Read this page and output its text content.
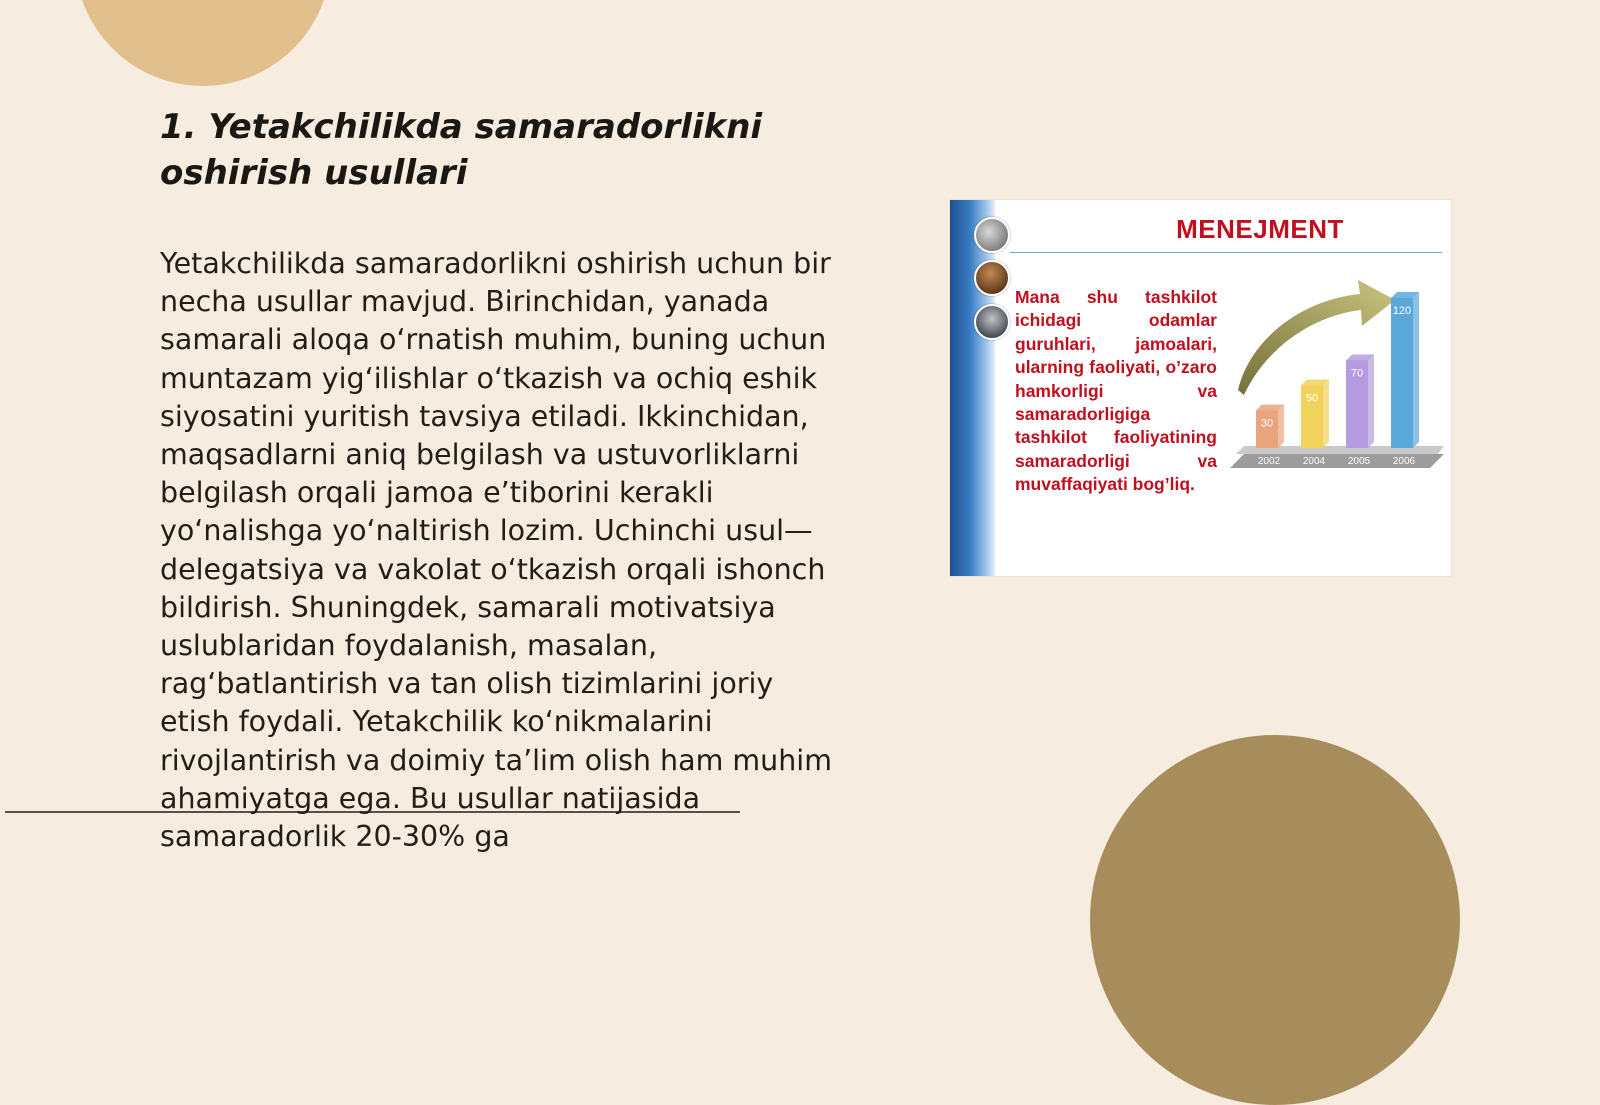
1. Yetakchilikda samaradorlikni oshirish usullari

Yetakchilikda samaradorlikni oshirish uchun bir necha usullar mavjud. Birinchidan, yanada samarali aloqa o‘rnatish muhim, buning uchun muntazam yig‘ilishlar o‘tkazish va ochiq eshik siyosatini yuritish tavsiya etiladi. Ikkinchidan, maqsadlarni aniq belgilash va ustuvorliklarni belgilash orqali jamoa e’tiborini kerakli yo‘nalishga yo‘naltirish lozim. Uchinchi usul—delegatsiya va vakolat o‘tkazish orqali ishonch bildirish. Shuningdek, samarali motivatsiya uslublaridan foydalanish, masalan, rag‘batlantirish va tan olish tizimlarini joriy etish foydali. Yetakchilik ko‘nikmalarini rivojlantirish va doimiy ta’lim olish ham muhim ahamiyatga ega. Bu usullar natijasida samaradorlik 20-30% ga

MENEJMENT

Mana shu tashkilot ichidagi odamlar guruhlari, jamoalari, ularning faoliyati, o’zaro hamkorligi va samaradorligiga tashkilot faoliyatining samaradorligi va muvaffaqiyati bog’liq.

30
2002
50
2004
70
2005
120
2006
